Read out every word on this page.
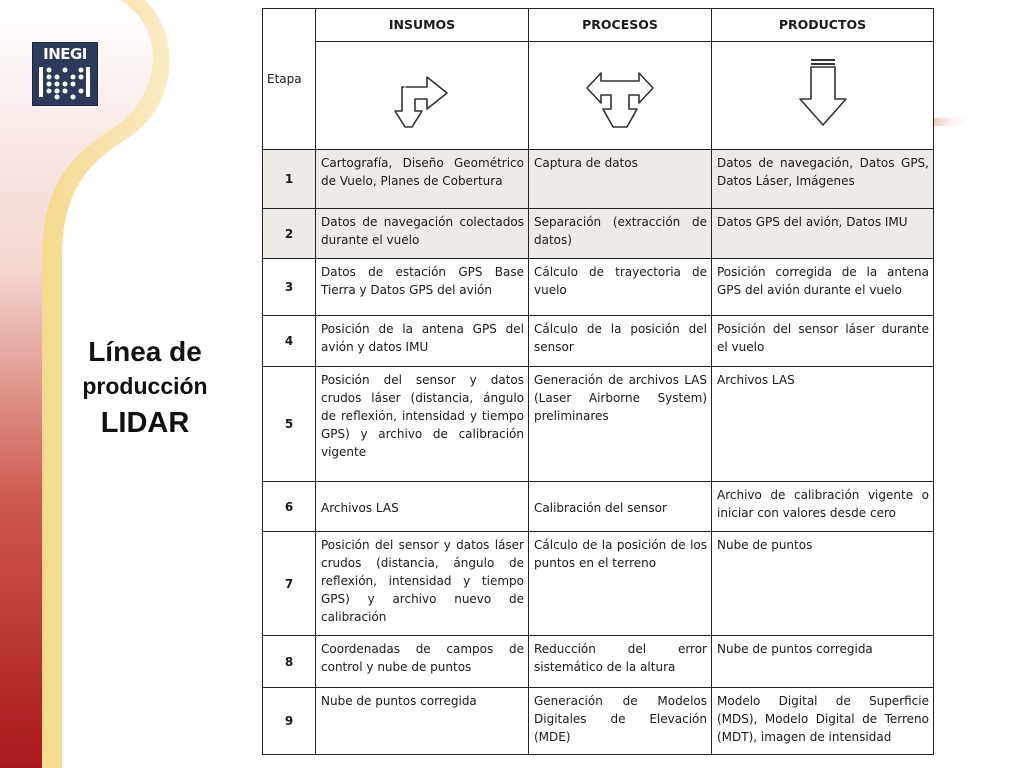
INEGI
Línea de
producción
LIDAR
Etapa	INSUMOS	PROCESOS	PRODUCTOS

1	Cartografía, Diseño Geométrico de Vuelo, Planes de Cobertura	Captura de datos	Datos de navegación, Datos GPS, Datos Láser, Imágenes
2	Datos de navegación colectados durante el vuelo	Separación (extracción de datos)	Datos GPS del avión, Datos IMU
3	Datos de estación GPS Base Tierra y Datos GPS del avión	Cálculo de trayectoria de vuelo	Posición corregida de la antena GPS del avión durante el vuelo
4	Posición de la antena GPS del avión y datos IMU	Cálculo de la posición del sensor	Posición del sensor láser durante el vuelo
5	Posición del sensor y datos crudos láser (distancia, ángulo de reflexión, intensidad y tiempo GPS) y archivo de calibración vigente	Generación de archivos LAS (Laser Airborne System) preliminares	Archivos LAS
6	Archivos LAS	Calibración del sensor	Archivo de calibración vigente o iniciar con valores desde cero
7	Posición del sensor y datos láser crudos (distancia, ángulo de reflexión, intensidad y tiempo GPS) y archivo nuevo de calibración	Cálculo de la posición de los puntos en el terreno	Nube de puntos
8	Coordenadas de campos de control y nube de puntos	Reducción del error sistemático de la altura	Nube de puntos corregida
9	Nube de puntos corregida	Generación de Modelos Digitales de Elevación (MDE)	Modelo Digital de Superficie (MDS), Modelo Digital de Terreno (MDT), imagen de intensidad
